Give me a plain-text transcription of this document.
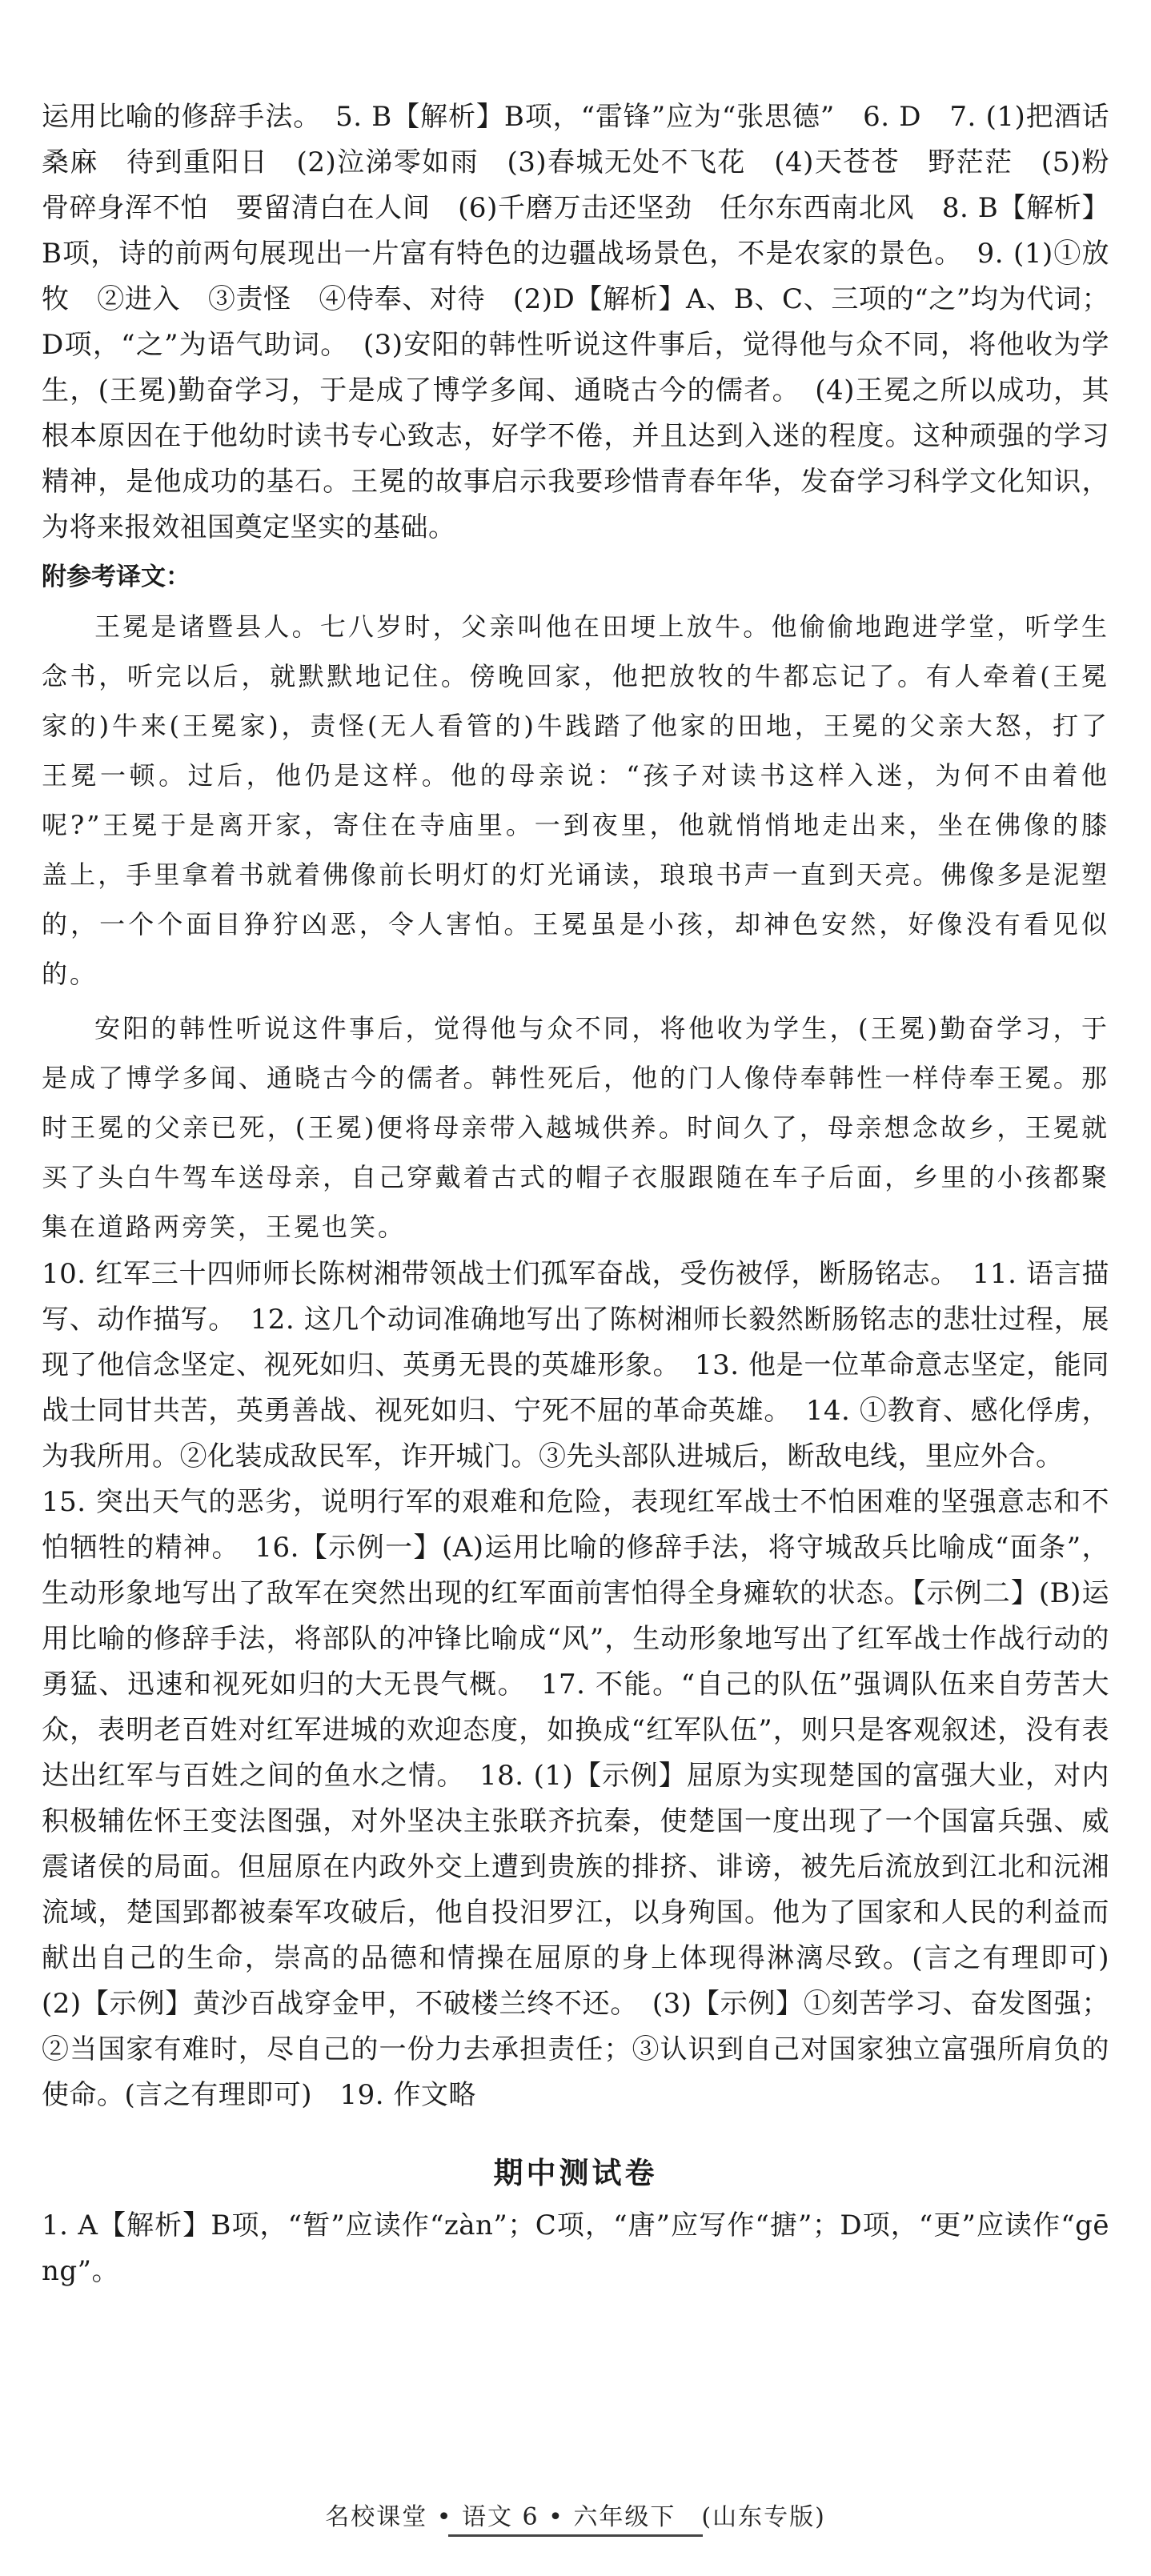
运用比喻的修辞手法。　5. B【解析】B项，“雷锋”应为“张思德”　6. D　7. (1)把酒话桑麻　待到重阳日　(2)泣涕零如雨　(3)春城无处不飞花　(4)天苍苍　野茫茫　(5)粉骨碎身浑不怕　要留清白在人间　(6)千磨万击还坚劲　任尔东西南北风　8. B【解析】B项，诗的前两句展现出一片富有特色的边疆战场景色，不是农家的景色。　9. (1)①放牧　②进入　③责怪　④侍奉、对待　(2)D【解析】A、B、C、三项的“之”均为代词；D项，“之”为语气助词。　(3)安阳的韩性听说这件事后，觉得他与众不同，将他收为学生，(王冕)勤奋学习，于是成了博学多闻、通晓古今的儒者。　(4)王冕之所以成功，其根本原因在于他幼时读书专心致志，好学不倦，并且达到入迷的程度。这种顽强的学习精神，是他成功的基石。王冕的故事启示我要珍惜青春年华，发奋学习科学文化知识，为将来报效祖国奠定坚实的基础。

附参考译文：

王冕是诸暨县人。七八岁时，父亲叫他在田埂上放牛。他偷偷地跑进学堂，听学生念书，听完以后，就默默地记住。傍晚回家，他把放牧的牛都忘记了。有人牵着(王冕家的)牛来(王冕家)，责怪(无人看管的)牛践踏了他家的田地，王冕的父亲大怒，打了王冕一顿。过后，他仍是这样。他的母亲说：“孩子对读书这样入迷，为何不由着他呢?”王冕于是离开家，寄住在寺庙里。一到夜里，他就悄悄地走出来，坐在佛像的膝盖上，手里拿着书就着佛像前长明灯的灯光诵读，琅琅书声一直到天亮。佛像多是泥塑的，一个个面目狰狞凶恶，令人害怕。王冕虽是小孩，却神色安然，好像没有看见似的。

安阳的韩性听说这件事后，觉得他与众不同，将他收为学生，(王冕)勤奋学习，于是成了博学多闻、通晓古今的儒者。韩性死后，他的门人像侍奉韩性一样侍奉王冕。那时王冕的父亲已死，(王冕)便将母亲带入越城供养。时间久了，母亲想念故乡，王冕就买了头白牛驾车送母亲，自己穿戴着古式的帽子衣服跟随在车子后面，乡里的小孩都聚集在道路两旁笑，王冕也笑。

10. 红军三十四师师长陈树湘带领战士们孤军奋战，受伤被俘，断肠铭志。　11. 语言描写、动作描写。　12. 这几个动词准确地写出了陈树湘师长毅然断肠铭志的悲壮过程，展现了他信念坚定、视死如归、英勇无畏的英雄形象。　13. 他是一位革命意志坚定，能同战士同甘共苦，英勇善战、视死如归、宁死不屈的革命英雄。　14. ①教育、感化俘虏，为我所用。②化装成敌民军，诈开城门。③先头部队进城后，断敌电线，里应外合。

15. 突出天气的恶劣，说明行军的艰难和危险，表现红军战士不怕困难的坚强意志和不怕牺牲的精神。　16.【示例一】(A)运用比喻的修辞手法，将守城敌兵比喻成“面条”，生动形象地写出了敌军在突然出现的红军面前害怕得全身瘫软的状态。【示例二】(B)运用比喻的修辞手法，将部队的冲锋比喻成“风”，生动形象地写出了红军战士作战行动的勇猛、迅速和视死如归的大无畏气概。　17. 不能。“自己的队伍”强调队伍来自劳苦大众，表明老百姓对红军进城的欢迎态度，如换成“红军队伍”，则只是客观叙述，没有表达出红军与百姓之间的鱼水之情。　18. (1)【示例】屈原为实现楚国的富强大业，对内积极辅佐怀王变法图强，对外坚决主张联齐抗秦，使楚国一度出现了一个国富兵强、威震诸侯的局面。但屈原在内政外交上遭到贵族的排挤、诽谤，被先后流放到江北和沅湘流域，楚国郢都被秦军攻破后，他自投汨罗江，以身殉国。他为了国家和人民的利益而献出自己的生命，崇高的品德和情操在屈原的身上体现得淋漓尽致。(言之有理即可)　(2)【示例】黄沙百战穿金甲，不破楼兰终不还。　(3)【示例】①刻苦学习、奋发图强；②当国家有难时，尽自己的一份力去承担责任；③认识到自己对国家独立富强所肩负的使命。(言之有理即可)　19. 作文略

期中测试卷

1. A【解析】B项，“暂”应读作“zàn”；C项，“唐”应写作“搪”；D项，“更”应读作“gēng”。

名校课堂 • 语文 6 • 六年级下　(山东专版)
